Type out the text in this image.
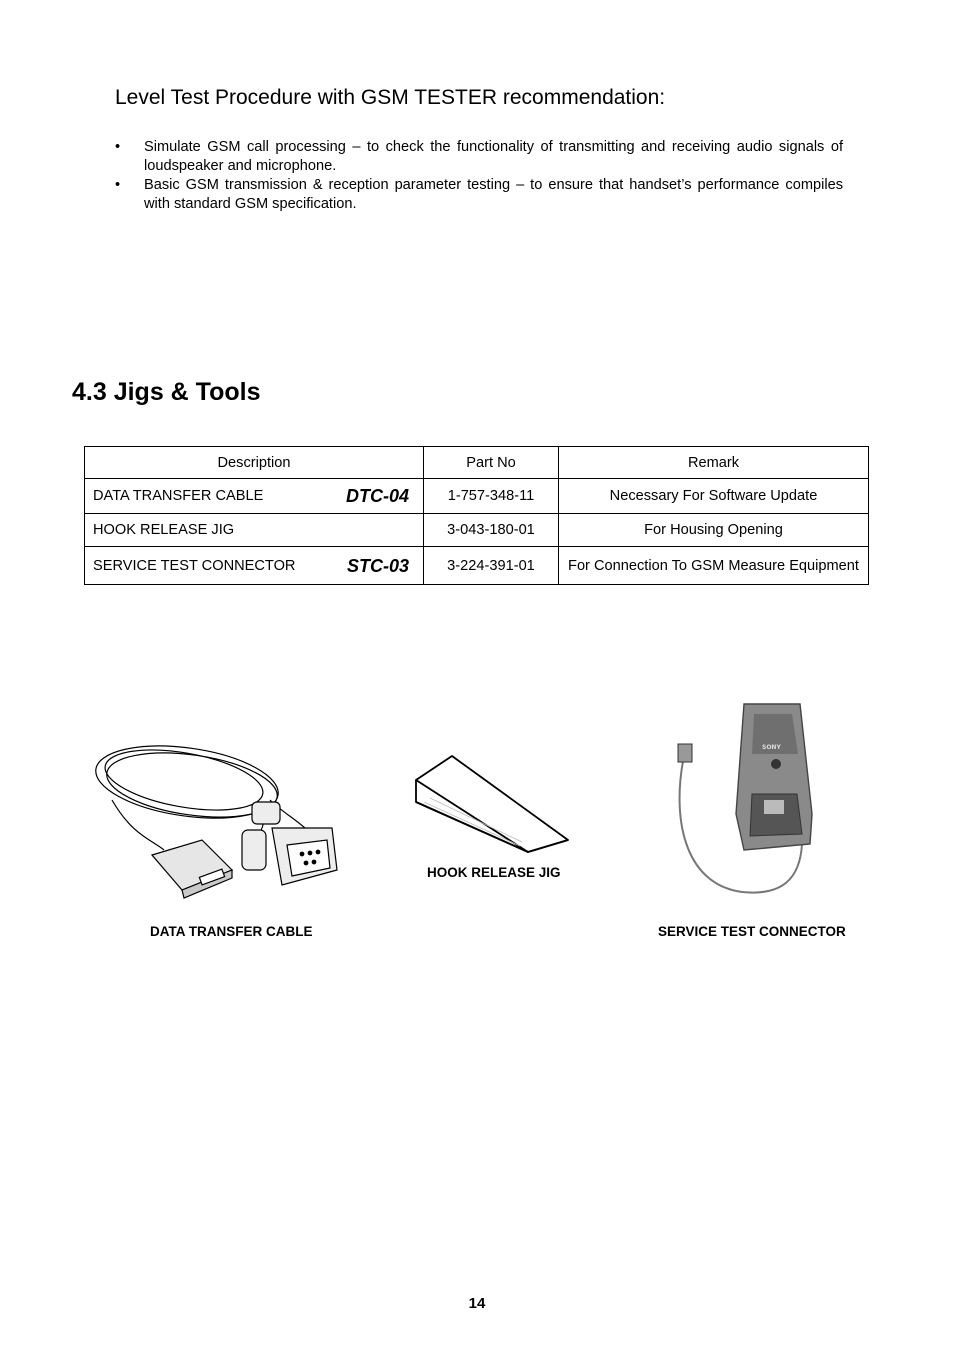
Level Test Procedure with GSM TESTER recommendation:
• Simulate GSM call processing – to check the functionality of transmitting and receiving audio signals of loudspeaker and microphone.
• Basic GSM transmission & reception parameter testing – to ensure that handset’s performance compiles with standard GSM specification.
4.3 Jigs & Tools
Description	Part No	Remark

DATA TRANSFER CABLE DTC-04	1-757-348-11	Necessary For Software Update

HOOK RELEASE JIG	3-043-180-01	For Housing Opening

SERVICE TEST CONNECTOR STC-03	3-224-391-01	For Connection To GSM Measure Equipment
DATA TRANSFER CABLE
HOOK RELEASE JIG
SONY
SERVICE TEST CONNECTOR
14
